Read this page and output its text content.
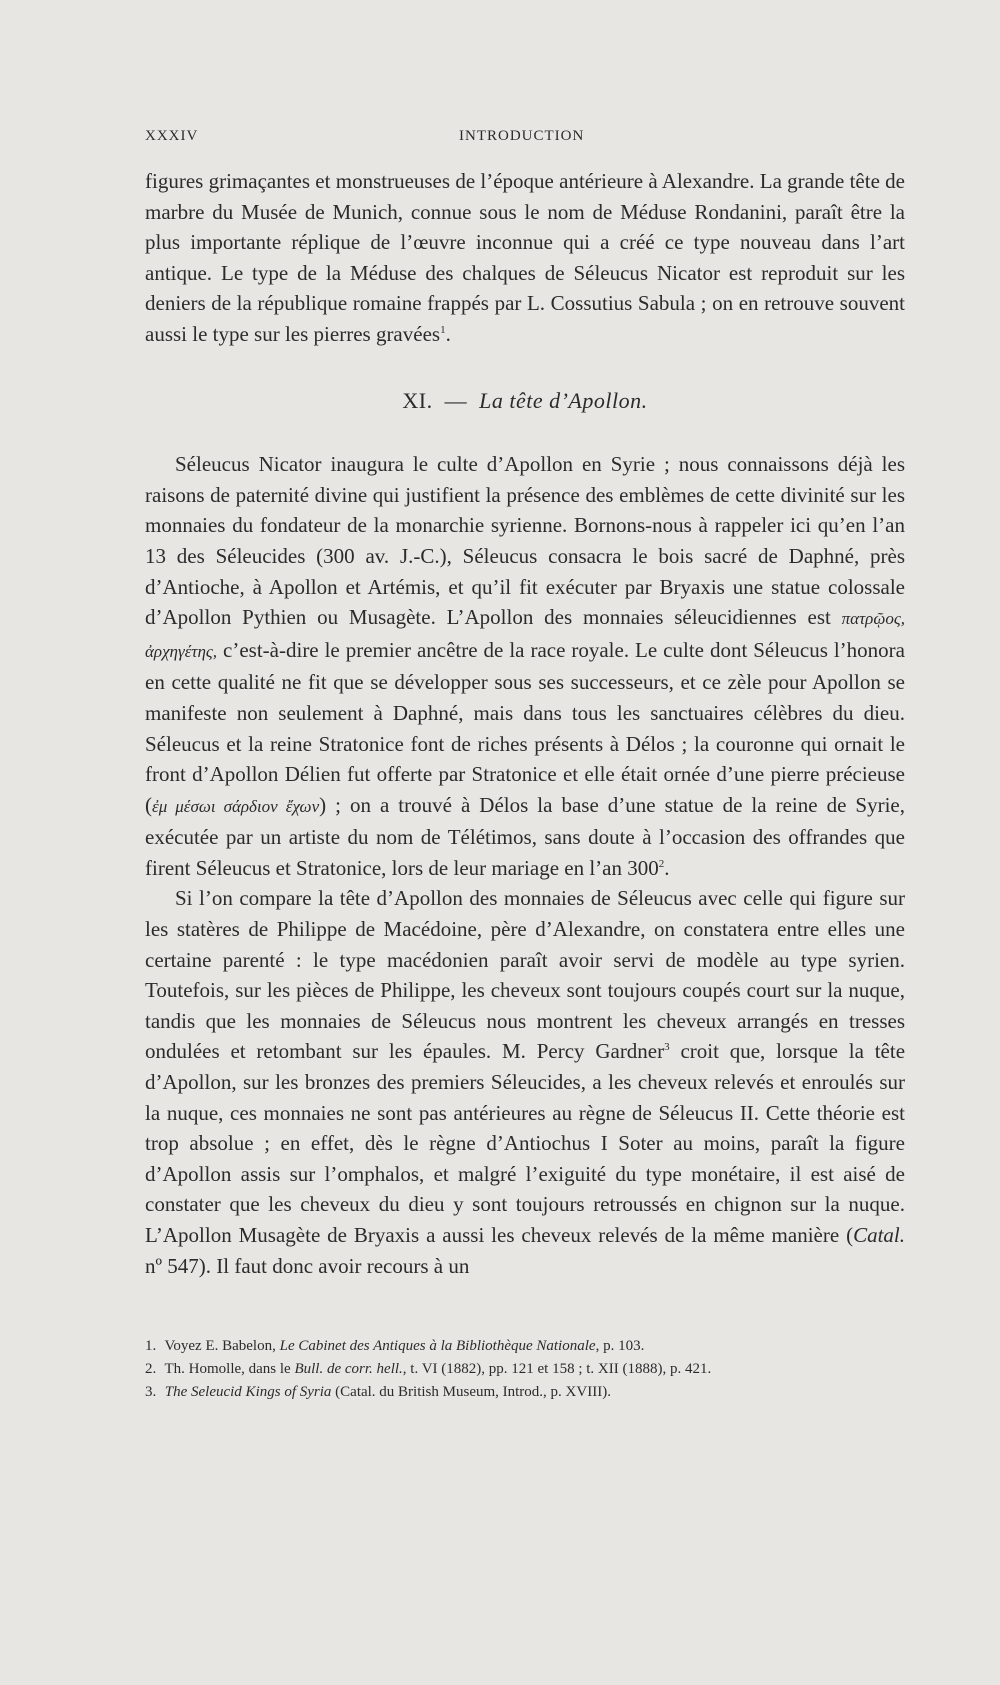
XXXIV	INTRODUCTION

figures grimaçantes et monstrueuses de l’époque antérieure à Alexandre. La grande tête de marbre du Musée de Munich, connue sous le nom de Méduse Rondanini, paraît être la plus importante réplique de l’œuvre inconnue qui a créé ce type nouveau dans l’art antique. Le type de la Méduse des chalques de Séleucus Nicator est reproduit sur les deniers de la république romaine frappés par L. Cossutius Sabula ; on en retrouve souvent aussi le type sur les pierres gravées$^1$.

XI. — La tête d’Apollon.

Séleucus Nicator inaugura le culte d’Apollon en Syrie ; nous connaissons déjà les raisons de paternité divine qui justifient la présence des emblèmes de cette divinité sur les monnaies du fondateur de la monarchie syrienne. Bornons-nous à rappeler ici qu’en l’an 13 des Séleucides (300 av. J.-C.), Séleucus consacra le bois sacré de Daphné, près d’Antioche, à Apollon et Artémis, et qu’il fit exécuter par Bryaxis une statue colossale d’Apollon Pythien ou Musagète. L’Apollon des monnaies séleucidiennes est πατρῷος, ἀρχηγέτης, c’est-à-dire le premier ancêtre de la race royale. Le culte dont Séleucus l’honora en cette qualité ne fit que se développer sous ses successeurs, et ce zèle pour Apollon se manifeste non seulement à Daphné, mais dans tous les sanctuaires célèbres du dieu. Séleucus et la reine Stratonice font de riches présents à Délos ; la couronne qui ornait le front d’Apollon Délien fut offerte par Stratonice et elle était ornée d’une pierre précieuse (ἐμ μέσωι σάρδιον ἔχων) ; on a trouvé à Délos la base d’une statue de la reine de Syrie, exécutée par un artiste du nom de Télétimos, sans doute à l’occasion des offrandes que firent Séleucus et Stratonice, lors de leur mariage en l’an $300^2$.

Si l’on compare la tête d’Apollon des monnaies de Séleucus avec celle qui figure sur les statères de Philippe de Macédoine, père d’Alexandre, on constatera entre elles une certaine parenté : le type macédonien paraît avoir servi de modèle au type syrien. Toutefois, sur les pièces de Philippe, les cheveux sont toujours coupés court sur la nuque, tandis que les monnaies de Séleucus nous montrent les cheveux arrangés en tresses ondulées et retombant sur les épaules. M. Percy Gardner$^3$ croit que, lorsque la tête d’Apollon, sur les bronzes des premiers Séleucides, a les cheveux relevés et enroulés sur la nuque, ces monnaies ne sont pas antérieures au règne de Séleucus II. Cette théorie est trop absolue ; en effet, dès le règne d’Antiochus I Soter au moins, paraît la figure d’Apollon assis sur l’omphalos, et malgré l’exiguité du type monétaire, il est aisé de constater que les cheveux du dieu y sont toujours retroussés en chignon sur la nuque. L’Apollon Musagète de Bryaxis a aussi les cheveux relevés de la même manière (Catal. nº 547). Il faut donc avoir recours à un

1. Voyez E. Babelon, Le Cabinet des Antiques à la Bibliothèque Nationale, p. 103.
2. Th. Homolle, dans le Bull. de corr. hell., t. VI (1882), pp. 121 et 158 ; t. XII (1888), p. 421.
3. The Seleucid Kings of Syria (Catal. du British Museum, Introd., p. XVIII).
